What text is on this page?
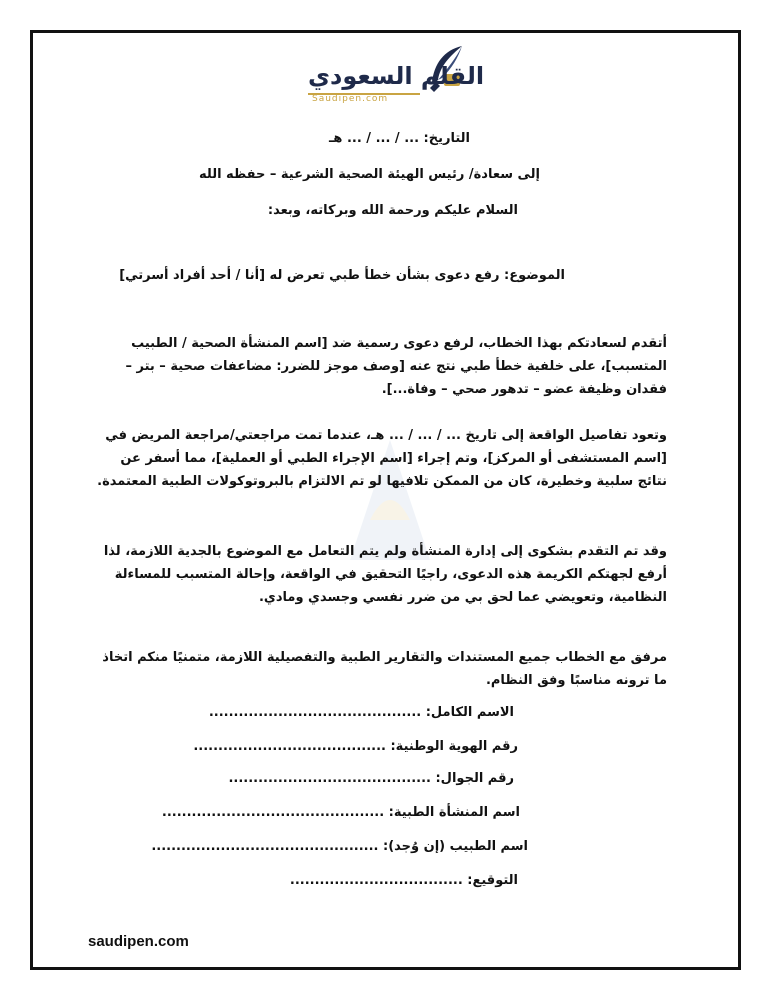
القلم السعودي
Saudipen.com
التاريخ: ... / ... / ... هـ
إلى سعادة/ رئيس الهيئة الصحية الشرعية – حفظه الله
السلام عليكم ورحمة الله وبركاته، وبعد:
الموضوع: رفع دعوى بشأن خطأ طبي تعرض له [أنا / أحد أفراد أسرتي]
أتقدم لسعادتكم بهذا الخطاب، لرفع دعوى رسمية ضد [اسم المنشأة الصحية / الطبيب المتسبب]، على خلفية خطأ طبي نتج عنه [وصف موجز للضرر: مضاعفات صحية – بتر – فقدان وظيفة عضو – تدهور صحي – وفاة...].
وتعود تفاصيل الواقعة إلى تاريخ ... / ... / ... هـ، عندما تمت مراجعتي/مراجعة المريض في [اسم المستشفى أو المركز]، وتم إجراء [اسم الإجراء الطبي أو العملية]، مما أسفر عن نتائج سلبية وخطيرة، كان من الممكن تلافيها لو تم الالتزام بالبروتوكولات الطبية المعتمدة.
وقد تم التقدم بشكوى إلى إدارة المنشأة ولم يتم التعامل مع الموضوع بالجدية اللازمة، لذا أرفع لجهتكم الكريمة هذه الدعوى، راجيًا التحقيق في الواقعة، وإحالة المتسبب للمساءلة النظامية، وتعويضي عما لحق بي من ضرر نفسي وجسدي ومادي.
مرفق مع الخطاب جميع المستندات والتقارير الطبية والتفصيلية اللازمة، متمنيًا منكم اتخاذ ما ترونه مناسبًا وفق النظام.
الاسم الكامل: ...........................................
رقم الهوية الوطنية: .......................................
رقم الجوال: .........................................
اسم المنشأة الطبية: .............................................
اسم الطبيب (إن وُجد): ..............................................
التوقيع: ...................................
saudipen.com
